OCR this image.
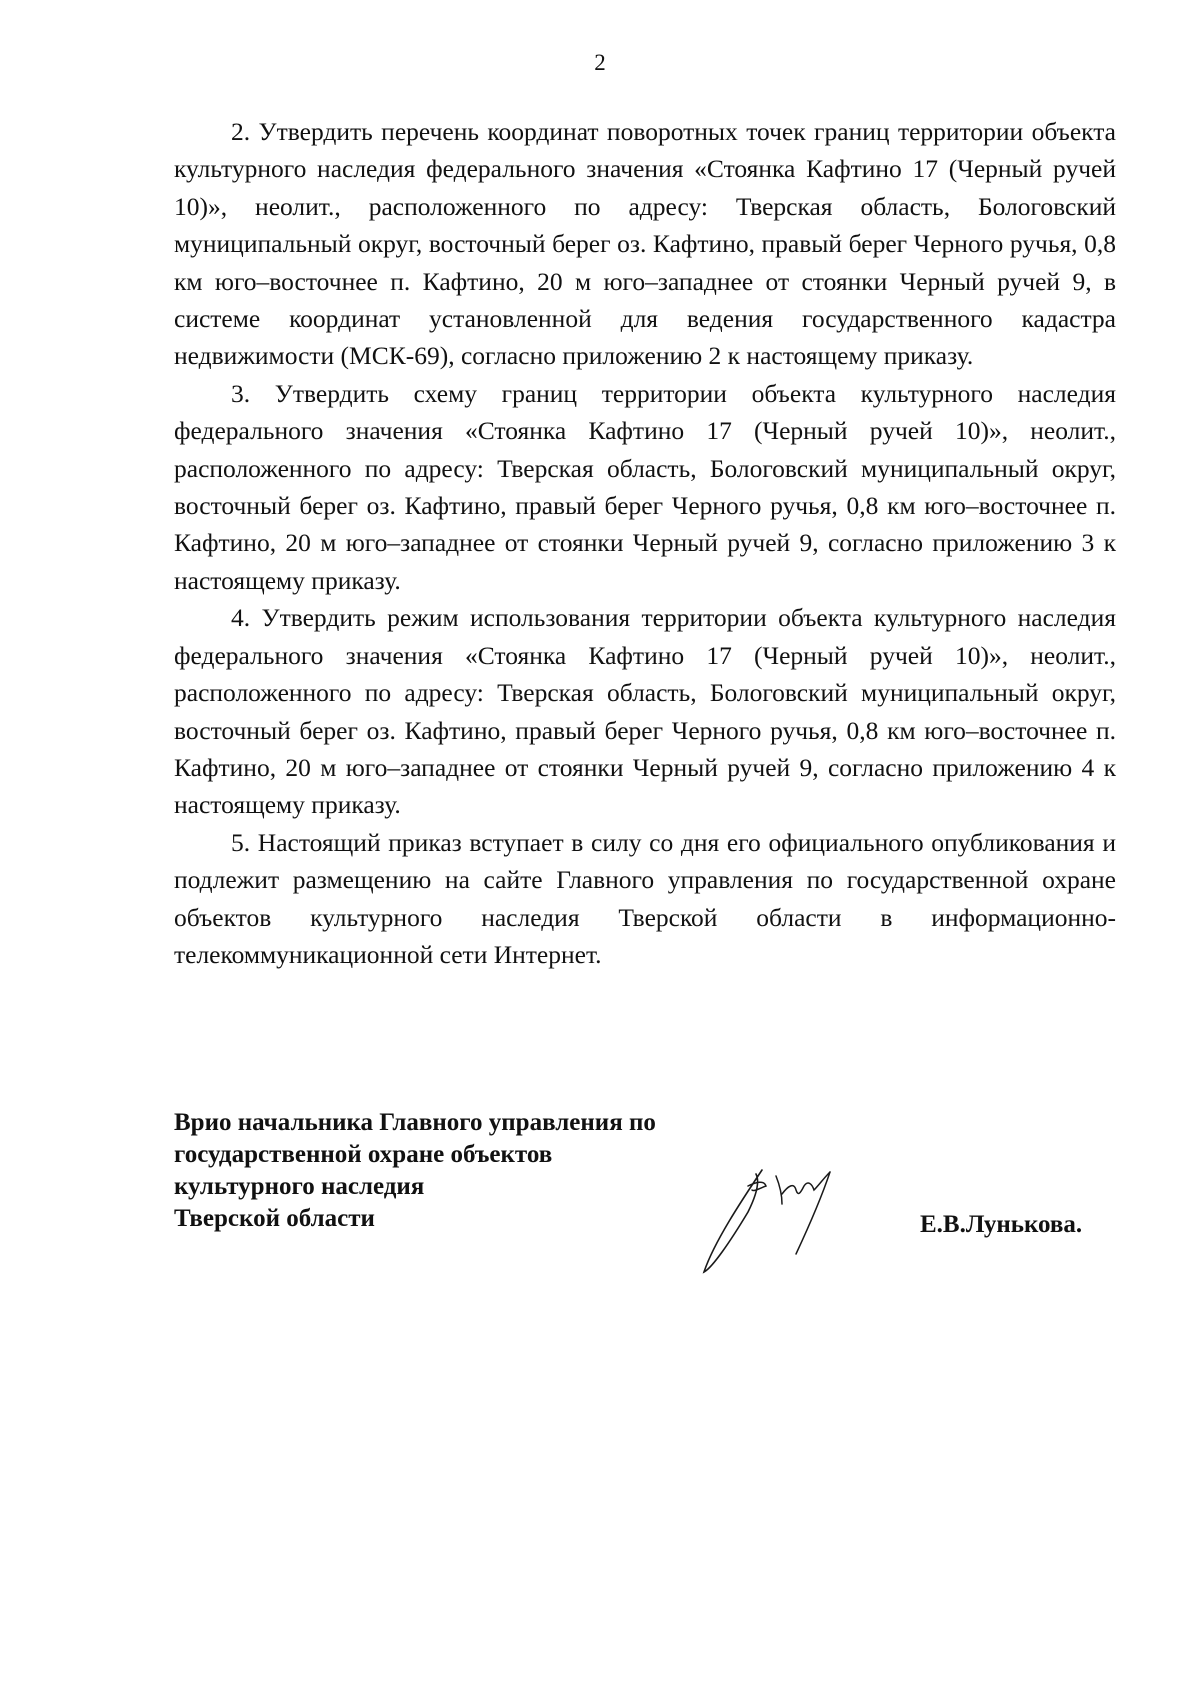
2

2. Утвердить перечень координат поворотных точек границ территории объекта культурного наследия федерального значения «Стоянка Кафтино 17 (Черный ручей 10)», неолит., расположенного по адресу: Тверская область, Бологовский муниципальный округ, восточный берег оз. Кафтино, правый берег Черного ручья, 0,8 км юго–восточнее п. Кафтино, 20 м юго–западнее от стоянки Черный ручей 9, в системе координат установленной для ведения государственного кадастра недвижимости (МСК-69), согласно приложению 2 к настоящему приказу.

3. Утвердить схему границ территории объекта культурного наследия федерального значения «Стоянка Кафтино 17 (Черный ручей 10)», неолит., расположенного по адресу: Тверская область, Бологовский муниципальный округ, восточный берег оз. Кафтино, правый берег Черного ручья, 0,8 км юго–восточнее п. Кафтино, 20 м юго–западнее от стоянки Черный ручей 9, согласно приложению 3 к настоящему приказу.

4. Утвердить режим использования территории объекта культурного наследия федерального значения «Стоянка Кафтино 17 (Черный ручей 10)», неолит., расположенного по адресу: Тверская область, Бологовский муниципальный округ, восточный берег оз. Кафтино, правый берег Черного ручья, 0,8 км юго–восточнее п. Кафтино, 20 м юго–западнее от стоянки Черный ручей 9, согласно приложению 4 к настоящему приказу.

5. Настоящий приказ вступает в силу со дня его официального опубликования и подлежит размещению на сайте Главного управления по государственной охране объектов культурного наследия Тверской области в информационно-телекоммуникационной сети Интернет.

Врио начальника Главного управления по
государственной охране объектов
культурного наследия
Тверской области	Е.В.Лунькова.
